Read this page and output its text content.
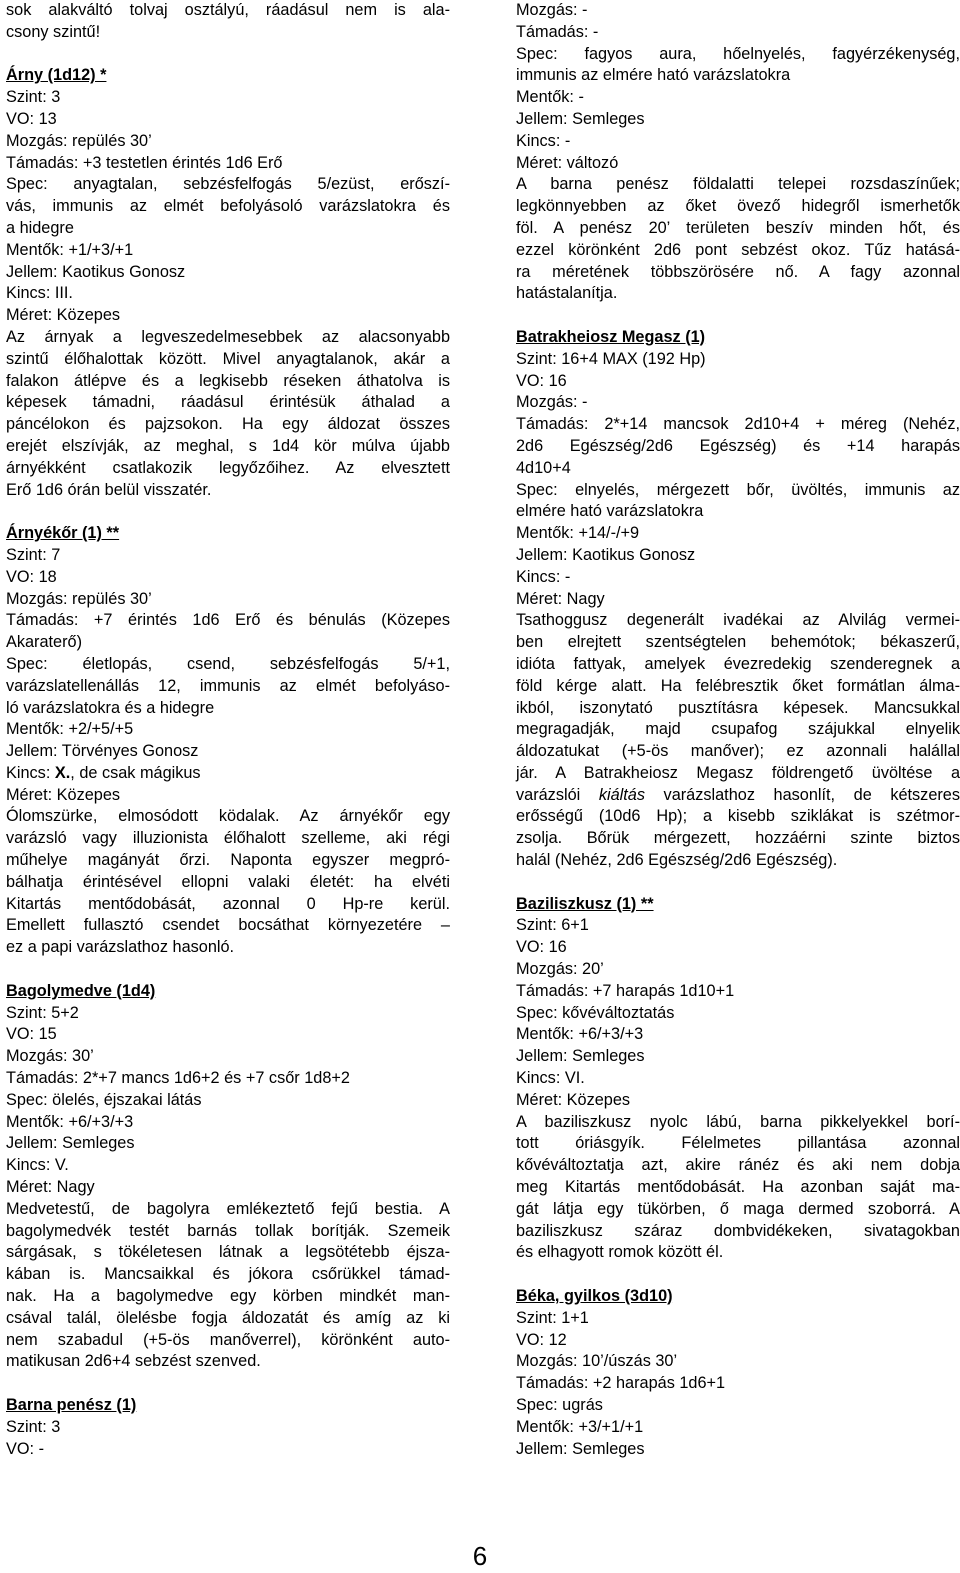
sok alakváltó tolvaj osztályú, ráadásul nem is ala-
csony szintű!
Árny (1d12) *
Szint: 3
VO: 13
Mozgás: repülés 30’
Támadás: +3 testetlen érintés 1d6 Erő
Spec: anyagtalan, sebzésfelfogás 5/ezüst, erőszí-
vás, immunis az elmét befolyásoló varázslatokra és
a hidegre
Mentők: +1/+3/+1
Jellem: Kaotikus Gonosz
Kincs: III.
Méret: Közepes
Az árnyak a legveszedelmesebbek az alacsonyabb
szintű élőhalottak között. Mivel anyagtalanok, akár a
falakon átlépve és a legkisebb réseken áthatolva is
képesek támadni, ráadásul érintésük áthalad a
páncélokon és pajzsokon. Ha egy áldozat összes
erejét elszívják, az meghal, s 1d4 kör múlva újabb
árnyékként csatlakozik legyőzőihez. Az elvesztett
Erő 1d6 órán belül visszatér.
Árnyékőr (1) **
Szint: 7
VO: 18
Mozgás: repülés 30’
Támadás: +7 érintés 1d6 Erő és bénulás (Közepes
Akaraterő)
Spec: életlopás, csend, sebzésfelfogás 5/+1,
varázslatellenállás 12, immunis az elmét befolyáso-
ló varázslatokra és a hidegre
Mentők: +2/+5/+5
Jellem: Törvényes Gonosz
Kincs: X., de csak mágikus
Méret: Közepes
Ólomszürke, elmosódott ködalak. Az árnyékőr egy
varázsló vagy illuzionista élőhalott szelleme, aki régi
műhelye magányát őrzi. Naponta egyszer megpró-
bálhatja érintésével ellopni valaki életét: ha elvéti
Kitartás mentődobását, azonnal 0 Hp-re kerül.
Emellett fullasztó csendet bocsáthat környezetére –
ez a papi varázslathoz hasonló.
Bagolymedve (1d4)
Szint: 5+2
VO: 15
Mozgás: 30’
Támadás: 2*+7 mancs 1d6+2 és +7 csőr 1d8+2
Spec: ölelés, éjszakai látás
Mentők: +6/+3/+3
Jellem: Semleges
Kincs: V.
Méret: Nagy
Medvetestű, de bagolyra emlékeztető fejű bestia. A
bagolymedvék testét barnás tollak borítják. Szemeik
sárgásak, s tökéletesen látnak a legsötétebb éjsza-
kában is. Mancsaikkal és jókora csőrükkel támad-
nak. Ha a bagolymedve egy körben mindkét man-
csával talál, ölelésbe fogja áldozatát és amíg az ki
nem szabadul (+5-ös manőverrel), körönként auto-
matikusan 2d6+4 sebzést szenved.
Barna penész (1)
Szint: 3
VO: -
Mozgás: -
Támadás: -
Spec: fagyos aura, hőelnyelés, fagyérzékenység,
immunis az elmére ható varázslatokra
Mentők: -
Jellem: Semleges
Kincs: -
Méret: változó
A barna penész földalatti telepei rozsdaszínűek;
legkönnyebben az őket övező hidegről ismerhetők
föl. A penész 20’ területen beszív minden hőt, és
ezzel körönként 2d6 pont sebzést okoz. Tűz hatásá-
ra méretének többszörösére nő. A fagy azonnal
hatástalanítja.
Batrakheiosz Megasz (1)
Szint: 16+4 MAX (192 Hp)
VO: 16
Mozgás: -
Támadás: 2*+14 mancsok 2d10+4 + méreg (Nehéz,
2d6 Egészség/2d6 Egészség) és +14 harapás
4d10+4
Spec: elnyelés, mérgezett bőr, üvöltés, immunis az
elmére ható varázslatokra
Mentők: +14/-/+9
Jellem: Kaotikus Gonosz
Kincs: -
Méret: Nagy
Tsathoggusz degenerált ivadékai az Alvilág vermei-
ben elrejtett szentségtelen behemótok; békaszerű,
idióta fattyak, amelyek évezredekig szenderegnek a
föld kérge alatt. Ha felébresztik őket formátlan álma-
ikból, iszonytató pusztításra képesek. Mancsukkal
megragadják, majd csupafog szájukkal elnyelik
áldozatukat (+5-ös manőver); ez azonnali halállal
jár. A Batrakheiosz Megasz földrengető üvöltése a
varázslói kiáltás varázslathoz hasonlít, de kétszeres
erősségű (10d6 Hp); a kisebb sziklákat is szétmor-
zsolja. Bőrük mérgezett, hozzáérni szinte biztos
halál (Nehéz, 2d6 Egészség/2d6 Egészség).
Baziliszkusz (1) **
Szint: 6+1
VO: 16
Mozgás: 20’
Támadás: +7 harapás 1d10+1
Spec: kővéváltoztatás
Mentők: +6/+3/+3
Jellem: Semleges
Kincs: VI.
Méret: Közepes
A baziliszkusz nyolc lábú, barna pikkelyekkel borí-
tott óriásgyík. Félelmetes pillantása azonnal
kővéváltoztatja azt, akire ránéz és aki nem dobja
meg Kitartás mentődobását. Ha azonban saját ma-
gát látja egy tükörben, ő maga dermed szoborrá. A
baziliszkusz száraz dombvidékeken, sivatagokban
és elhagyott romok között él.
Béka, gyilkos (3d10)
Szint: 1+1
VO: 12
Mozgás: 10’/úszás 30’
Támadás: +2 harapás 1d6+1
Spec: ugrás
Mentők: +3/+1/+1
Jellem: Semleges
6
